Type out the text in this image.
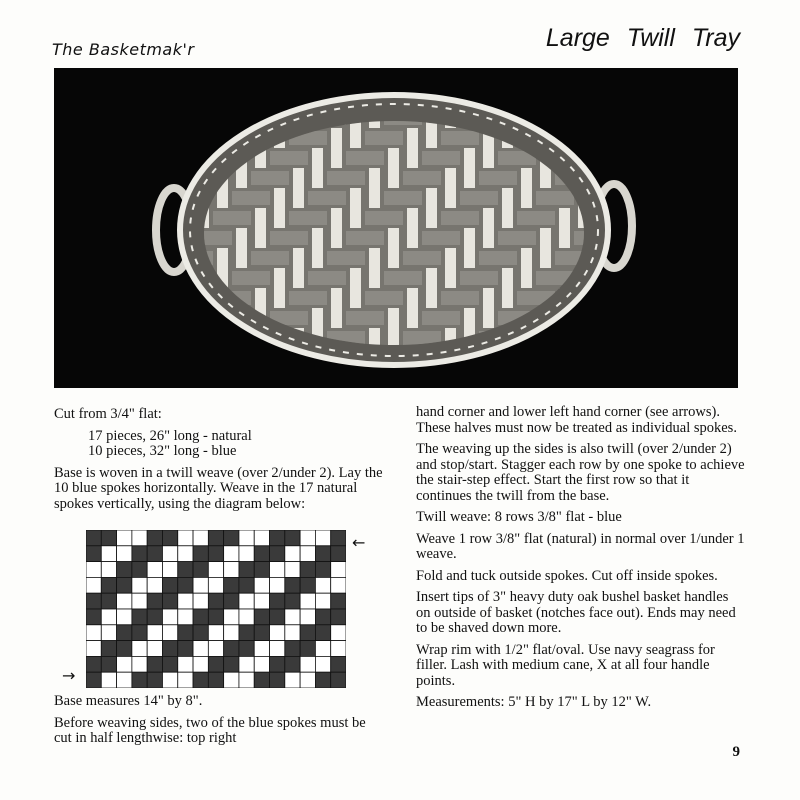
The Basketmak'r	Large Twill Tray

Cut from 3/4" flat:

17 pieces, 26" long - natural

10 pieces, 32" long - blue

Base is woven in a twill weave (over 2/under 2). Lay the 10 blue spokes horizontally. Weave in the 17 natural spokes vertically, using the diagram below:

←
→

Base measures 14" by 8".

Before weaving sides, two of the blue spokes must be cut in half lengthwise: top right

hand corner and lower left hand corner (see arrows). These halves must now be treated as individual spokes.

The weaving up the sides is also twill (over 2/under 2) and stop/start. Stagger each row by one spoke to achieve the stair-step effect. Start the first row so that it continues the twill from the base.

Twill weave: 8 rows 3/8" flat - blue

Weave 1 row 3/8" flat (natural) in normal over 1/under 1 weave.

Fold and tuck outside spokes. Cut off inside spokes.

Insert tips of 3" heavy duty oak bushel basket handles on outside of basket (notches face out). Ends may need to be shaved down more.

Wrap rim with 1/2" flat/oval. Use navy seagrass for filler. Lash with medium cane, X at all four handle points.

Measurements: 5" H by 17" L by 12" W.

9
